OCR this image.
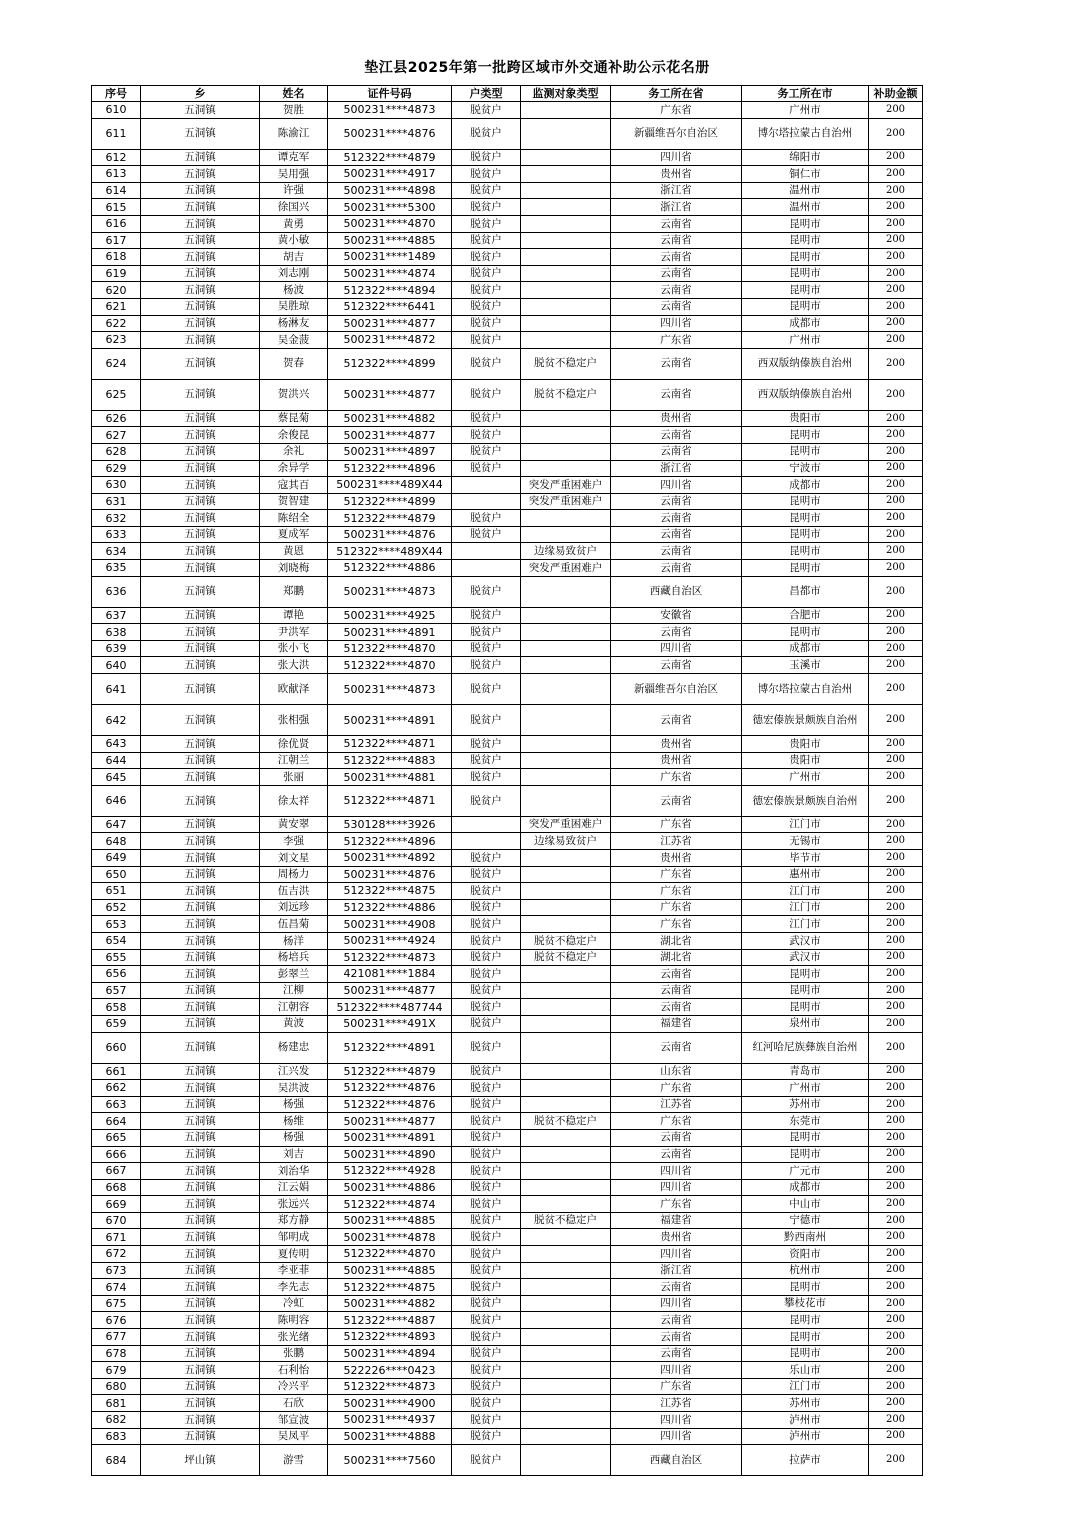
垫江县2025年第一批跨区域市外交通补助公示花名册
序号	乡	姓名	证件号码	户类型	监测对象类型	务工所在省	务工所在市	补助金额
610	五洞镇	贺胜	500231****4873	脱贫户		广东省	广州市	200
611	五洞镇	陈渝江	500231****4876	脱贫户		新疆维吾尔自治区	博尔塔拉蒙古自治州	200
612	五洞镇	谭克军	512322****4879	脱贫户		四川省	绵阳市	200
613	五洞镇	吴用强	500231****4917	脱贫户		贵州省	铜仁市	200
614	五洞镇	许强	500231****4898	脱贫户		浙江省	温州市	200
615	五洞镇	徐国兴	500231****5300	脱贫户		浙江省	温州市	200
616	五洞镇	黄勇	500231****4870	脱贫户		云南省	昆明市	200
617	五洞镇	黄小敏	500231****4885	脱贫户		云南省	昆明市	200
618	五洞镇	胡吉	500231****1489	脱贫户		云南省	昆明市	200
619	五洞镇	刘志刚	500231****4874	脱贫户		云南省	昆明市	200
620	五洞镇	杨波	512322****4894	脱贫户		云南省	昆明市	200
621	五洞镇	吴胜琼	512322****6441	脱贫户		云南省	昆明市	200
622	五洞镇	杨淋友	500231****4877	脱贫户		四川省	成都市	200
623	五洞镇	吴金菠	500231****4872	脱贫户		广东省	广州市	200
624	五洞镇	贺春	512322****4899	脱贫户	脱贫不稳定户	云南省	西双版纳傣族自治州	200
625	五洞镇	贺洪兴	500231****4877	脱贫户	脱贫不稳定户	云南省	西双版纳傣族自治州	200
626	五洞镇	蔡昆菊	500231****4882	脱贫户		贵州省	贵阳市	200
627	五洞镇	余俊昆	500231****4877	脱贫户		云南省	昆明市	200
628	五洞镇	余礼	500231****4897	脱贫户		云南省	昆明市	200
629	五洞镇	余异学	512322****4896	脱贫户		浙江省	宁波市	200
630	五洞镇	寇其百	500231****489X44		突发严重困难户	四川省	成都市	200
631	五洞镇	贺智建	512322****4899		突发严重困难户	云南省	昆明市	200
632	五洞镇	陈绍全	512322****4879	脱贫户		云南省	昆明市	200
633	五洞镇	夏成军	500231****4876	脱贫户		云南省	昆明市	200
634	五洞镇	黄恩	512322****489X44		边缘易致贫户	云南省	昆明市	200
635	五洞镇	刘晓梅	512322****4886		突发严重困难户	云南省	昆明市	200
636	五洞镇	郑鹏	500231****4873	脱贫户		西藏自治区	昌都市	200
637	五洞镇	谭艳	500231****4925	脱贫户		安徽省	合肥市	200
638	五洞镇	尹洪军	500231****4891	脱贫户		云南省	昆明市	200
639	五洞镇	张小飞	512322****4870	脱贫户		四川省	成都市	200
640	五洞镇	张大洪	512322****4870	脱贫户		云南省	玉溪市	200
641	五洞镇	欧献泽	500231****4873	脱贫户		新疆维吾尔自治区	博尔塔拉蒙古自治州	200
642	五洞镇	张相强	500231****4891	脱贫户		云南省	德宏傣族景颇族自治州	200
643	五洞镇	徐优贤	512322****4871	脱贫户		贵州省	贵阳市	200
644	五洞镇	江朝兰	512322****4883	脱贫户		贵州省	贵阳市	200
645	五洞镇	张丽	500231****4881	脱贫户		广东省	广州市	200
646	五洞镇	徐太祥	512322****4871	脱贫户		云南省	德宏傣族景颇族自治州	200
647	五洞镇	黄安翠	530128****3926		突发严重困难户	广东省	江门市	200
648	五洞镇	李强	512322****4896		边缘易致贫户	江苏省	无锡市	200
649	五洞镇	刘文星	500231****4892	脱贫户		贵州省	毕节市	200
650	五洞镇	周杨力	500231****4876	脱贫户		广东省	惠州市	200
651	五洞镇	伍吉洪	512322****4875	脱贫户		广东省	江门市	200
652	五洞镇	刘远珍	512322****4886	脱贫户		广东省	江门市	200
653	五洞镇	伍昌菊	500231****4908	脱贫户		广东省	江门市	200
654	五洞镇	杨洋	500231****4924	脱贫户	脱贫不稳定户	湖北省	武汉市	200
655	五洞镇	杨培兵	512322****4873	脱贫户	脱贫不稳定户	湖北省	武汉市	200
656	五洞镇	彭翠兰	421081****1884	脱贫户		云南省	昆明市	200
657	五洞镇	江柳	500231****4877	脱贫户		云南省	昆明市	200
658	五洞镇	江朝容	512322****487744	脱贫户		云南省	昆明市	200
659	五洞镇	黄波	500231****491X	脱贫户		福建省	泉州市	200
660	五洞镇	杨建忠	512322****4891	脱贫户		云南省	红河哈尼族彝族自治州	200
661	五洞镇	江兴发	512322****4879	脱贫户		山东省	青岛市	200
662	五洞镇	吴洪波	512322****4876	脱贫户		广东省	广州市	200
663	五洞镇	杨强	512322****4876	脱贫户		江苏省	苏州市	200
664	五洞镇	杨维	500231****4877	脱贫户	脱贫不稳定户	广东省	东莞市	200
665	五洞镇	杨强	500231****4891	脱贫户		云南省	昆明市	200
666	五洞镇	刘吉	500231****4890	脱贫户		云南省	昆明市	200
667	五洞镇	刘治华	512322****4928	脱贫户		四川省	广元市	200
668	五洞镇	江云娟	500231****4886	脱贫户		四川省	成都市	200
669	五洞镇	张远兴	512322****4874	脱贫户		广东省	中山市	200
670	五洞镇	郑方静	500231****4885	脱贫户	脱贫不稳定户	福建省	宁德市	200
671	五洞镇	邹明成	500231****4878	脱贫户		贵州省	黔西南州	200
672	五洞镇	夏传明	512322****4870	脱贫户		四川省	资阳市	200
673	五洞镇	李亚菲	500231****4885	脱贫户		浙江省	杭州市	200
674	五洞镇	李先志	512322****4875	脱贫户		云南省	昆明市	200
675	五洞镇	冷虹	500231****4882	脱贫户		四川省	攀枝花市	200
676	五洞镇	陈明容	512322****4887	脱贫户		云南省	昆明市	200
677	五洞镇	张光绪	512322****4893	脱贫户		云南省	昆明市	200
678	五洞镇	张鹏	500231****4894	脱贫户		云南省	昆明市	200
679	五洞镇	石利怡	522226****0423	脱贫户		四川省	乐山市	200
680	五洞镇	冷兴平	512322****4873	脱贫户		广东省	江门市	200
681	五洞镇	石欣	500231****4900	脱贫户		江苏省	苏州市	200
682	五洞镇	邹宣波	500231****4937	脱贫户		四川省	泸州市	200
683	五洞镇	吴凤平	500231****4888	脱贫户		四川省	泸州市	200
684	坪山镇	游雪	500231****7560	脱贫户		西藏自治区	拉萨市	200
